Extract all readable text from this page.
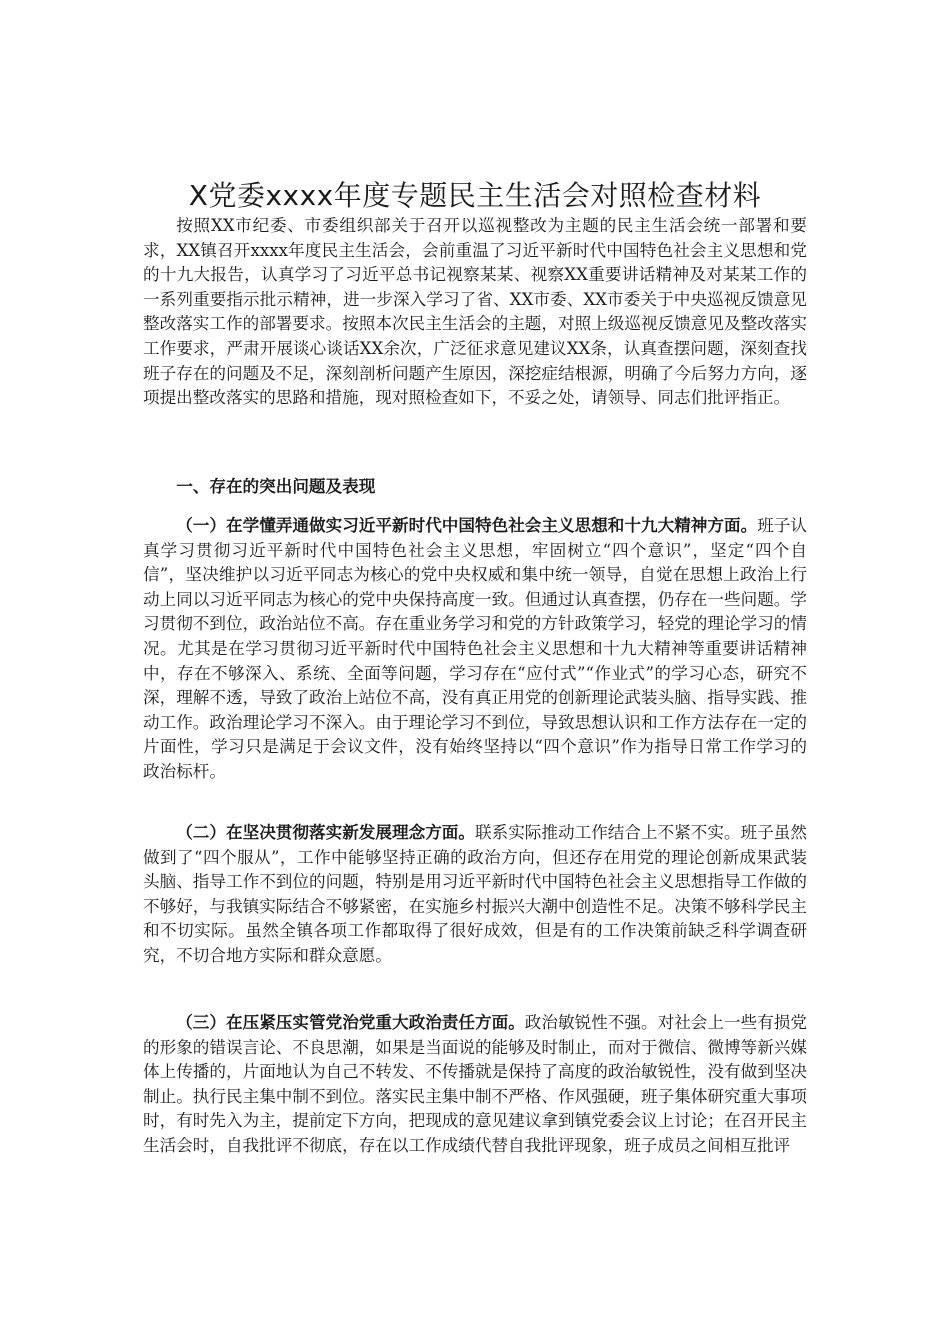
X党委xxxx年度专题民主生活会对照检查材料

按照XX市纪委、市委组织部关于召开以巡视整改为主题的民主生活会统一部署和要求，XX镇召开xxxx年度民主生活会，会前重温了习近平新时代中国特色社会主义思想和党的十九大报告，认真学习了习近平总书记视察某某、视察XX重要讲话精神及对某某工作的一系列重要指示批示精神，进一步深入学习了省、XX市委、XX市委关于中央巡视反馈意见整改落实工作的部署要求。按照本次民主生活会的主题，对照上级巡视反馈意见及整改落实工作要求，严肃开展谈心谈话XX余次，广泛征求意见建议XX条，认真查摆问题，深刻查找班子存在的问题及不足，深刻剖析问题产生原因，深挖症结根源，明确了今后努力方向，逐项提出整改落实的思路和措施，现对照检查如下，不妥之处，请领导、同志们批评指正。

一、存在的突出问题及表现

（一）在学懂弄通做实习近平新时代中国特色社会主义思想和十九大精神方面。班子认真学习贯彻习近平新时代中国特色社会主义思想，牢固树立“四个意识”，坚定“四个自信”，坚决维护以习近平同志为核心的党中央权威和集中统一领导，自觉在思想上政治上行动上同以习近平同志为核心的党中央保持高度一致。但通过认真查摆，仍存在一些问题。学习贯彻不到位，政治站位不高。存在重业务学习和党的方针政策学习，轻党的理论学习的情况。尤其是在学习贯彻习近平新时代中国特色社会主义思想和十九大精神等重要讲话精神中，存在不够深入、系统、全面等问题，学习存在“应付式”“作业式”的学习心态，研究不深，理解不透，导致了政治上站位不高，没有真正用党的创新理论武装头脑、指导实践、推动工作。政治理论学习不深入。由于理论学习不到位，导致思想认识和工作方法存在一定的片面性，学习只是满足于会议文件，没有始终坚持以“四个意识”作为指导日常工作学习的政治标杆。

（二）在坚决贯彻落实新发展理念方面。联系实际推动工作结合上不紧不实。班子虽然做到了“四个服从”，工作中能够坚持正确的政治方向，但还存在用党的理论创新成果武装头脑、指导工作不到位的问题，特别是用习近平新时代中国特色社会主义思想指导工作做的不够好，与我镇实际结合不够紧密，在实施乡村振兴大潮中创造性不足。决策不够科学民主和不切实际。虽然全镇各项工作都取得了很好成效，但是有的工作决策前缺乏科学调查研究，不切合地方实际和群众意愿。

（三）在压紧压实管党治党重大政治责任方面。政治敏锐性不强。对社会上一些有损党的形象的错误言论、不良思潮，如果是当面说的能够及时制止，而对于微信、微博等新兴媒体上传播的，片面地认为自己不转发、不传播就是保持了高度的政治敏锐性，没有做到坚决制止。执行民主集中制不到位。落实民主集中制不严格、作风强硬，班子集体研究重大事项时，有时先入为主，提前定下方向，把现成的意见建议拿到镇党委会议上讨论；在召开民主生活会时，自我批评不彻底，存在以工作成绩代替自我批评现象，班子成员之间相互批评
